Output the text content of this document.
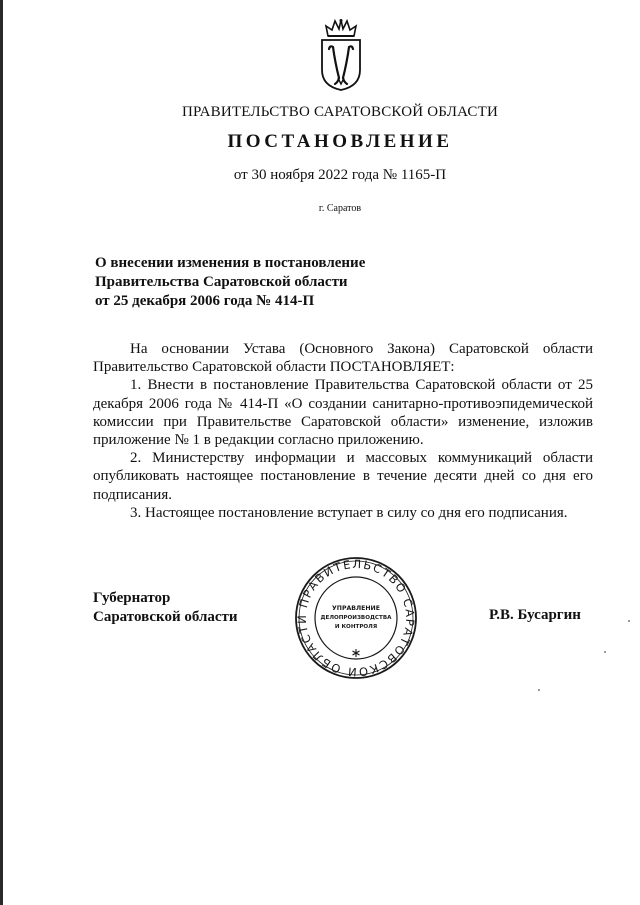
ПРАВИТЕЛЬСТВО САРАТОВСКОЙ ОБЛАСТИ
ПОСТАНОВЛЕНИЕ
от 30 ноября 2022 года № 1165-П
г. Саратов
О внесении изменения в постановление
Правительства Саратовской области
от 25 декабря 2006 года № 414-П

На основании Устава (Основного Закона) Саратовской области Правительство Саратовской области ПОСТАНОВЛЯЕТ:

1. Внести в постановление Правительства Саратовской области от 25 декабря 2006 года № 414-П «О создании санитарно-противоэпидемической комиссии при Правительстве Саратовской области» изменение, изложив приложение № 1 в редакции согласно приложению.

2. Министерству информации и массовых коммуникаций области опубликовать настоящее постановление в течение десяти дней со дня его подписания.

3. Настоящее постановление вступает в силу со дня его подписания.

Губернатор
Саратовской области
ПРАВИТЕЛЬСТВО САРАТОВСКОЙ ОБЛАСТИ
УПРАВЛЕНИЕ
ДЕЛОПРОИЗВОДСТВА
И КОНТРОЛЯ
Р.В. Бусаргин
